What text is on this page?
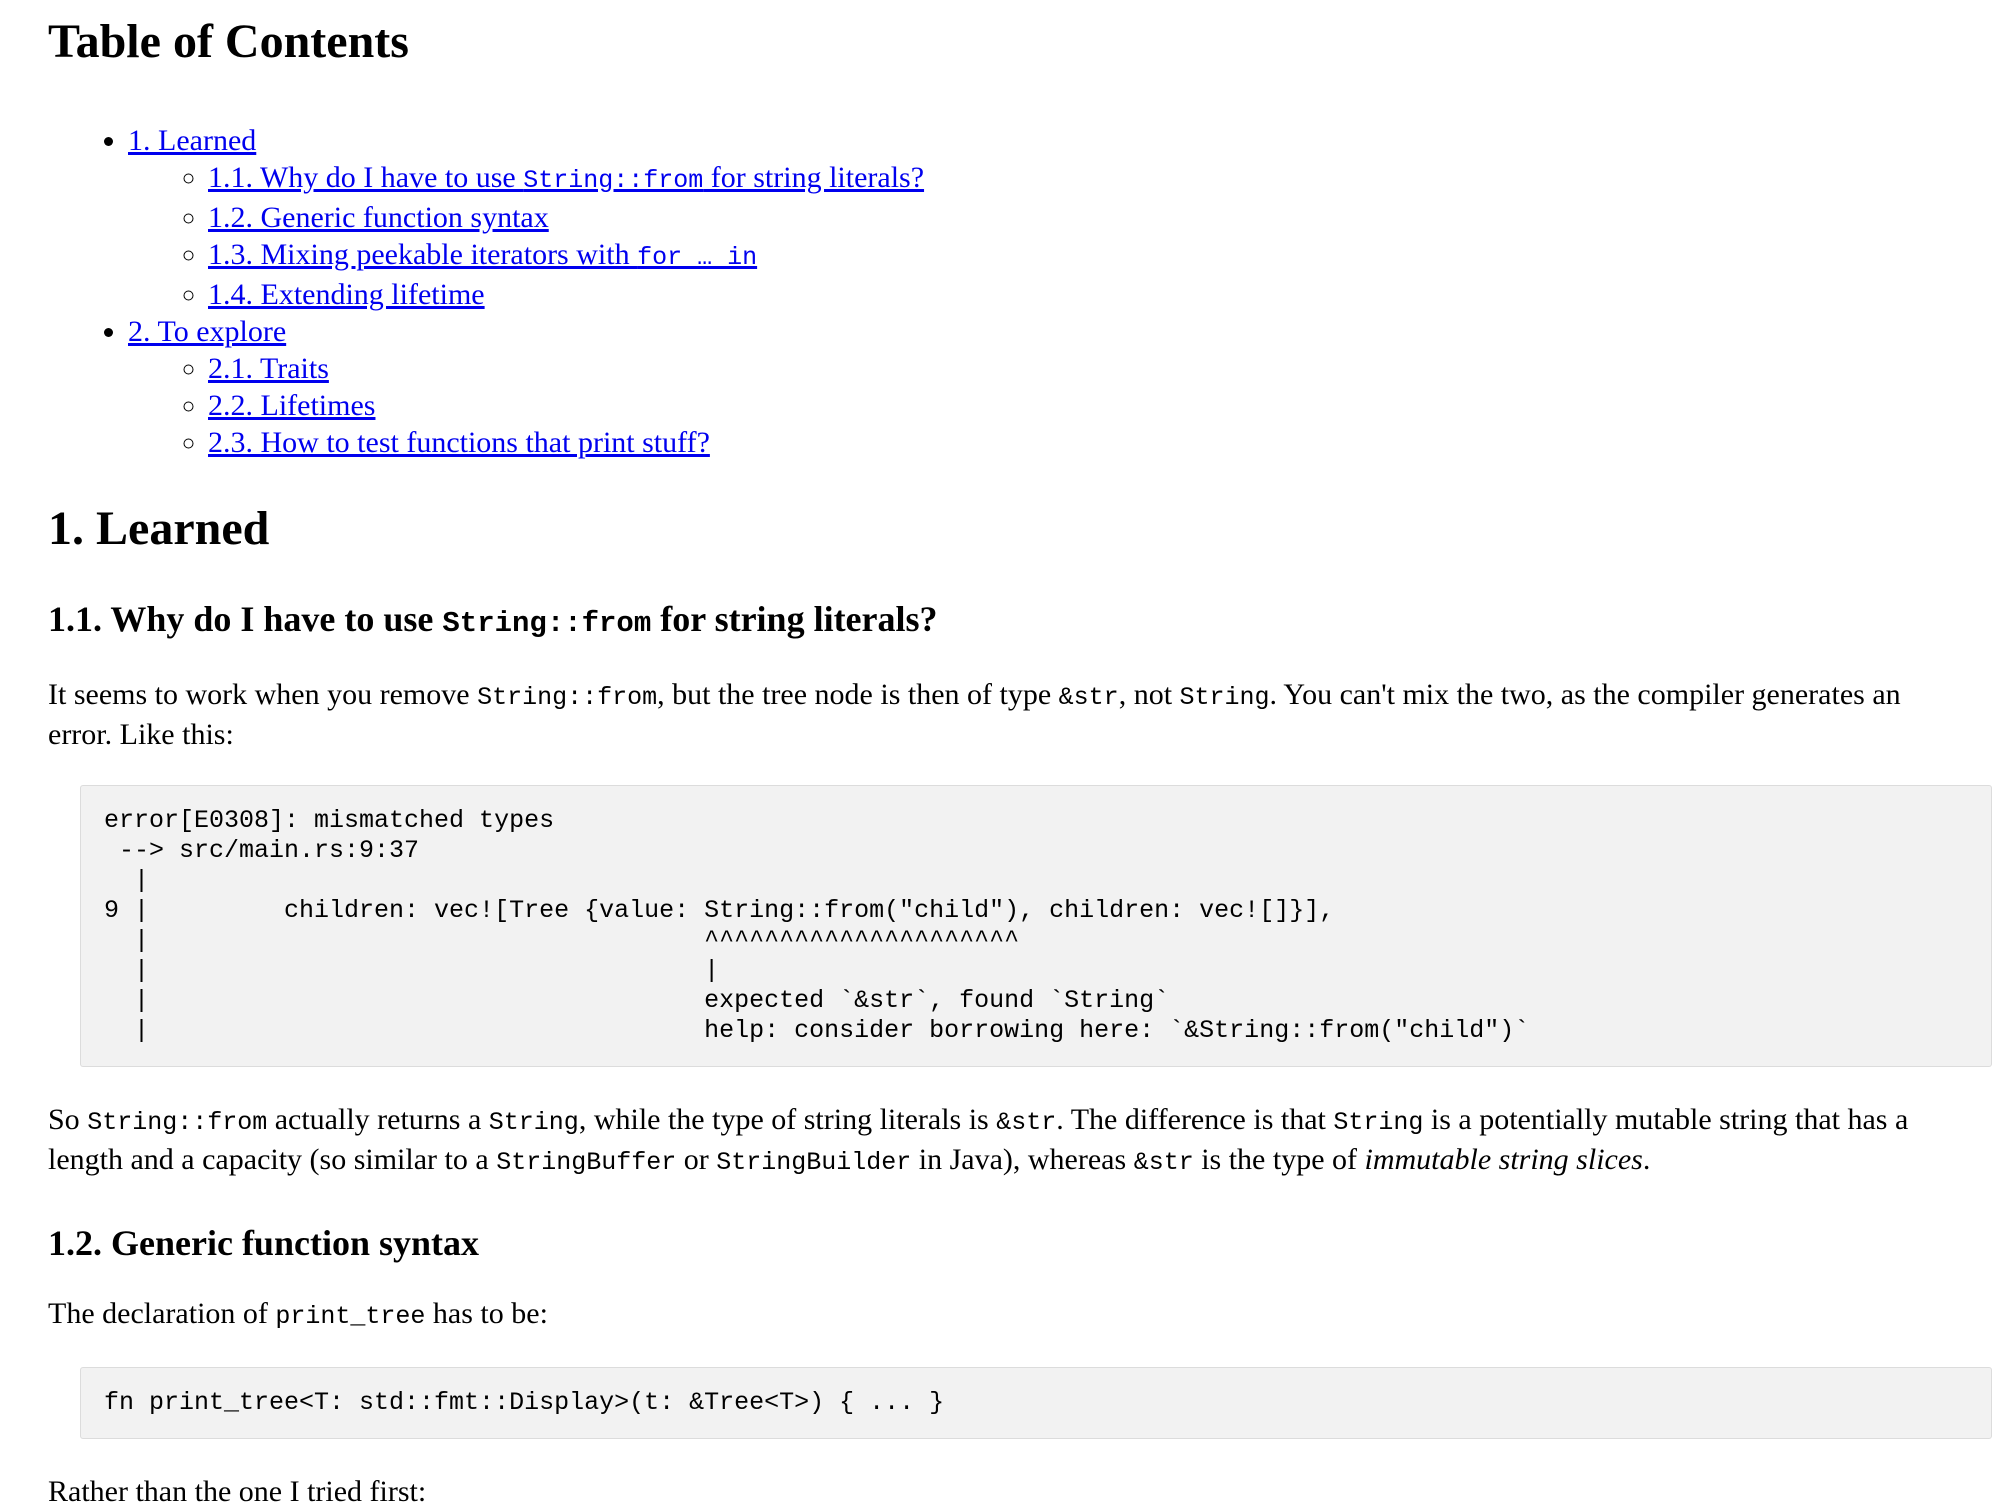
Table of Contents
• 1. Learned
◦ 1.1. Why do I have to use String::from for string literals?
◦ 1.2. Generic function syntax
◦ 1.3. Mixing peekable iterators with for … in
◦ 1.4. Extending lifetime
• 2. To explore
◦ 2.1. Traits
◦ 2.2. Lifetimes
◦ 2.3. How to test functions that print stuff?
1. Learned
1.1. Why do I have to use String::from for string literals?

It seems to work when you remove String::from, but the tree node is then of type &str, not String. You can't mix the two, as the compiler generates an error. Like this:

error[E0308]: mismatched types
--> src/main.rs:9:37
|
9 |         children: vec![Tree {value: String::from("child"), children: vec![]}],
|                                     ^^^^^^^^^^^^^^^^^^^^^
|                                     |
|                                     expected `&str`, found `String`
|                                     help: consider borrowing here: `&String::from("child")`

So String::from actually returns a String, while the type of string literals is &str. The difference is that String is a potentially mutable string that has a length and a capacity (so similar to a StringBuffer or StringBuilder in Java), whereas &str is the type of immutable string slices.

1.2. Generic function syntax

The declaration of print_tree has to be:

fn print_tree<T: std::fmt::Display>(t: &Tree<T>) { ... }

Rather than the one I tried first:
